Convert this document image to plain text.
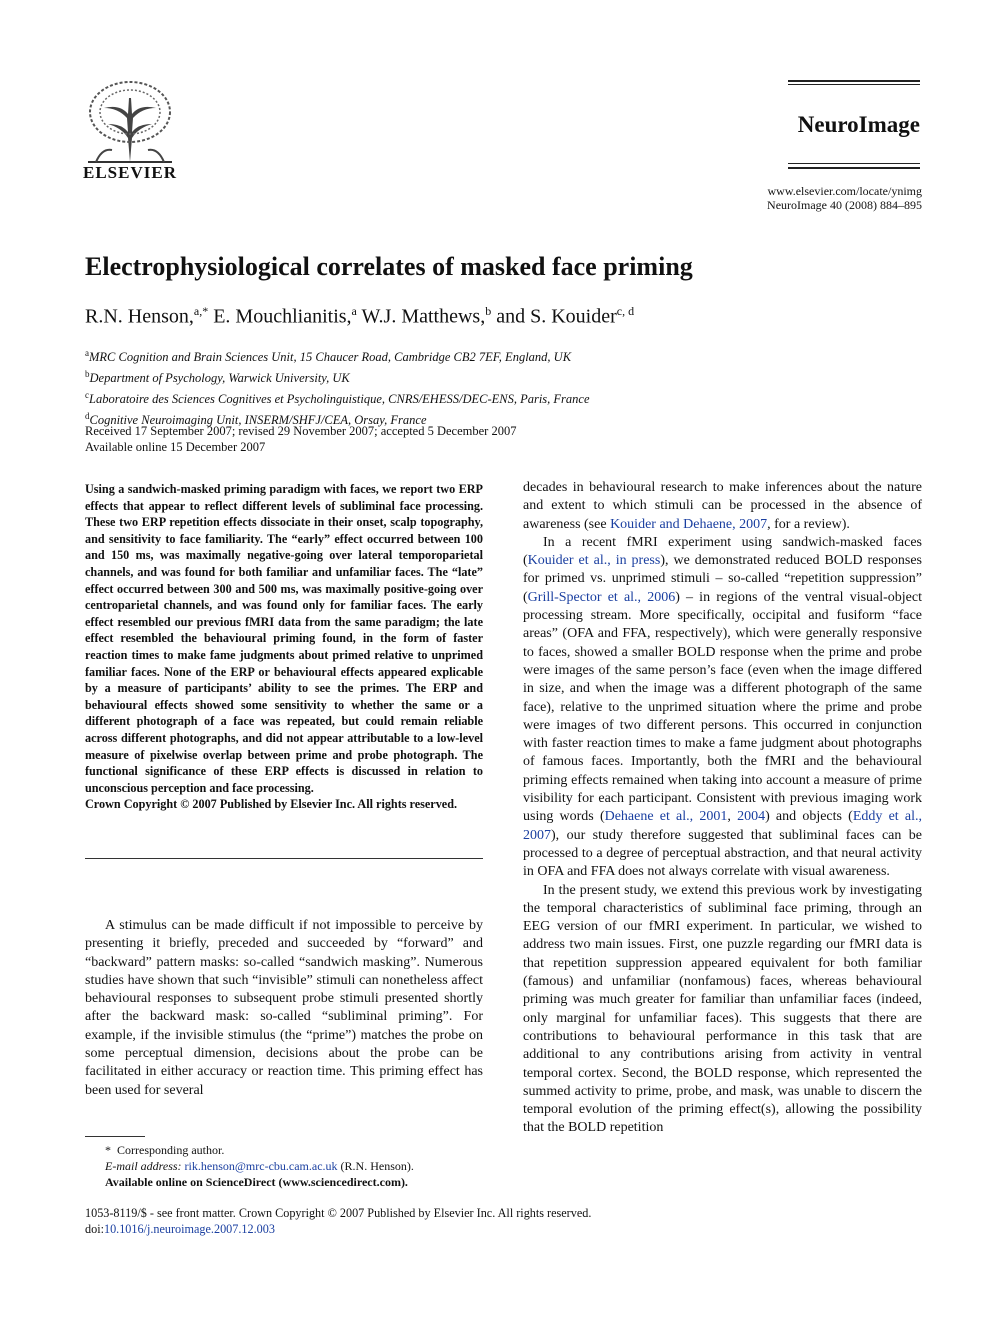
ELSEVIER
NeuroImage
www.elsevier.com/locate/ynimg
NeuroImage 40 (2008) 884–895
Electrophysiological correlates of masked face priming
R.N. Henson,$^{a,*}$ E. Mouchlianitis,$^a$ W.J. Matthews,$^b$ and S. Kouider$^{c, d}$
$^a$MRC Cognition and Brain Sciences Unit, 15 Chaucer Road, Cambridge CB2 7EF, England, UK
$^b$Department of Psychology, Warwick University, UK
$^c$Laboratoire des Sciences Cognitives et Psycholinguistique, CNRS/EHESS/DEC-ENS, Paris, France
$^d$Cognitive Neuroimaging Unit, INSERM/SHFJ/CEA, Orsay, France
Received 17 September 2007; revised 29 November 2007; accepted 5 December 2007
Available online 15 December 2007
Using a sandwich-masked priming paradigm with faces, we report two ERP effects that appear to reflect different levels of subliminal face processing. These two ERP repetition effects dissociate in their onset, scalp topography, and sensitivity to face familiarity. The “early” effect occurred between 100 and 150 ms, was maximally negative-going over lateral temporoparietal channels, and was found for both familiar and unfamiliar faces. The “late” effect occurred between 300 and 500 ms, was maximally positive-going over centroparietal channels, and was found only for familiar faces. The early effect resembled our previous fMRI data from the same paradigm; the late effect resembled the behavioural priming found, in the form of faster reaction times to make fame judgments about primed relative to unprimed familiar faces. None of the ERP or behavioural effects appeared explicable by a measure of participants’ ability to see the primes. The ERP and behavioural effects showed some sensitivity to whether the same or a different photograph of a face was repeated, but could remain reliable across different photographs, and did not appear attributable to a low-level measure of pixelwise overlap between prime and probe photograph. The functional significance of these ERP effects is discussed in relation to unconscious perception and face processing.
Crown Copyright © 2007 Published by Elsevier Inc. All rights reserved.

A stimulus can be made difficult if not impossible to perceive by presenting it briefly, preceded and succeeded by “forward” and “backward” pattern masks: so-called “sandwich masking”. Numerous studies have shown that such “invisible” stimuli can nonetheless affect behavioural responses to subsequent probe stimuli presented shortly after the backward mask: so-called “subliminal priming”. For example, if the invisible stimulus (the “prime”) matches the probe on some perceptual dimension, decisions about the probe can be facilitated in either accuracy or reaction time. This priming effect has been used for several

decades in behavioural research to make inferences about the nature and extent to which stimuli can be processed in the absence of awareness (see Kouider and Dehaene, 2007, for a review).

In a recent fMRI experiment using sandwich-masked faces (Kouider et al., in press), we demonstrated reduced BOLD responses for primed vs. unprimed stimuli – so-called “repetition suppression” (Grill-Spector et al., 2006) – in regions of the ventral visual-object processing stream. More specifically, occipital and fusiform “face areas” (OFA and FFA, respectively), which were generally responsive to faces, showed a smaller BOLD response when the prime and probe were images of the same person’s face (even when the image differed in size, and when the image was a different photograph of the same face), relative to the unprimed situation where the prime and probe were images of two different persons. This occurred in conjunction with faster reaction times to make a fame judgment about photographs of famous faces. Importantly, both the fMRI and the behavioural priming effects remained when taking into account a measure of prime visibility for each participant. Consistent with previous imaging work using words (Dehaene et al., 2001, 2004) and objects (Eddy et al., 2007), our study therefore suggested that subliminal faces can be processed to a degree of perceptual abstraction, and that neural activity in OFA and FFA does not always correlate with visual awareness.

In the present study, we extend this previous work by investigating the temporal characteristics of subliminal face priming, through an EEG version of our fMRI experiment. In particular, we wished to address two main issues. First, one puzzle regarding our fMRI data is that repetition suppression appeared equivalent for both familiar (famous) and unfamiliar (nonfamous) faces, whereas behavioural priming was much greater for familiar than unfamiliar faces (indeed, only marginal for unfamiliar faces). This suggests that there are contributions to behavioural performance in this task that are additional to any contributions arising from activity in ventral temporal cortex. Second, the BOLD response, which represented the summed activity to prime, probe, and mask, was unable to discern the temporal evolution of the priming effect(s), allowing the possibility that the BOLD repetition

* Corresponding author.
E-mail address: rik.henson@mrc-cbu.cam.ac.uk (R.N. Henson).
Available online on ScienceDirect (www.sciencedirect.com).
1053-8119/$ - see front matter. Crown Copyright © 2007 Published by Elsevier Inc. All rights reserved.
doi:10.1016/j.neuroimage.2007.12.003
